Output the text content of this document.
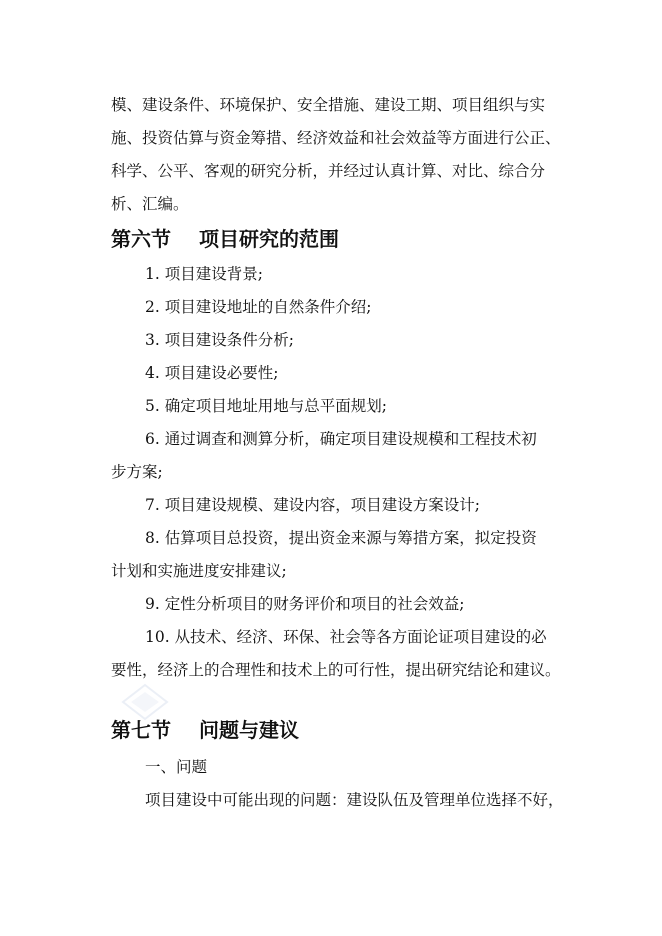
模、建设条件、环境保护、安全措施、建设工期、项目组织与实
施、投资估算与资金筹措、经济效益和社会效益等方面进行公正、
科学、公平、客观的研究分析，并经过认真计算、对比、综合分
析、汇编。
第六节 项目研究的范围
1. 项目建设背景;
2. 项目建设地址的自然条件介绍;
3. 项目建设条件分析;
4. 项目建设必要性;
5. 确定项目地址用地与总平面规划;
6. 通过调查和测算分析，确定项目建设规模和工程技术初
步方案;
7. 项目建设规模、建设内容，项目建设方案设计;
8. 估算项目总投资，提出资金来源与筹措方案，拟定投资
计划和实施进度安排建议;
9. 定性分析项目的财务评价和项目的社会效益;
10. 从技术、经济、环保、社会等各方面论证项目建设的必
要性，经济上的合理性和技术上的可行性，提出研究结论和建议。
第七节 问题与建议
一、问题
项目建设中可能出现的问题：建设队伍及管理单位选择不好，
